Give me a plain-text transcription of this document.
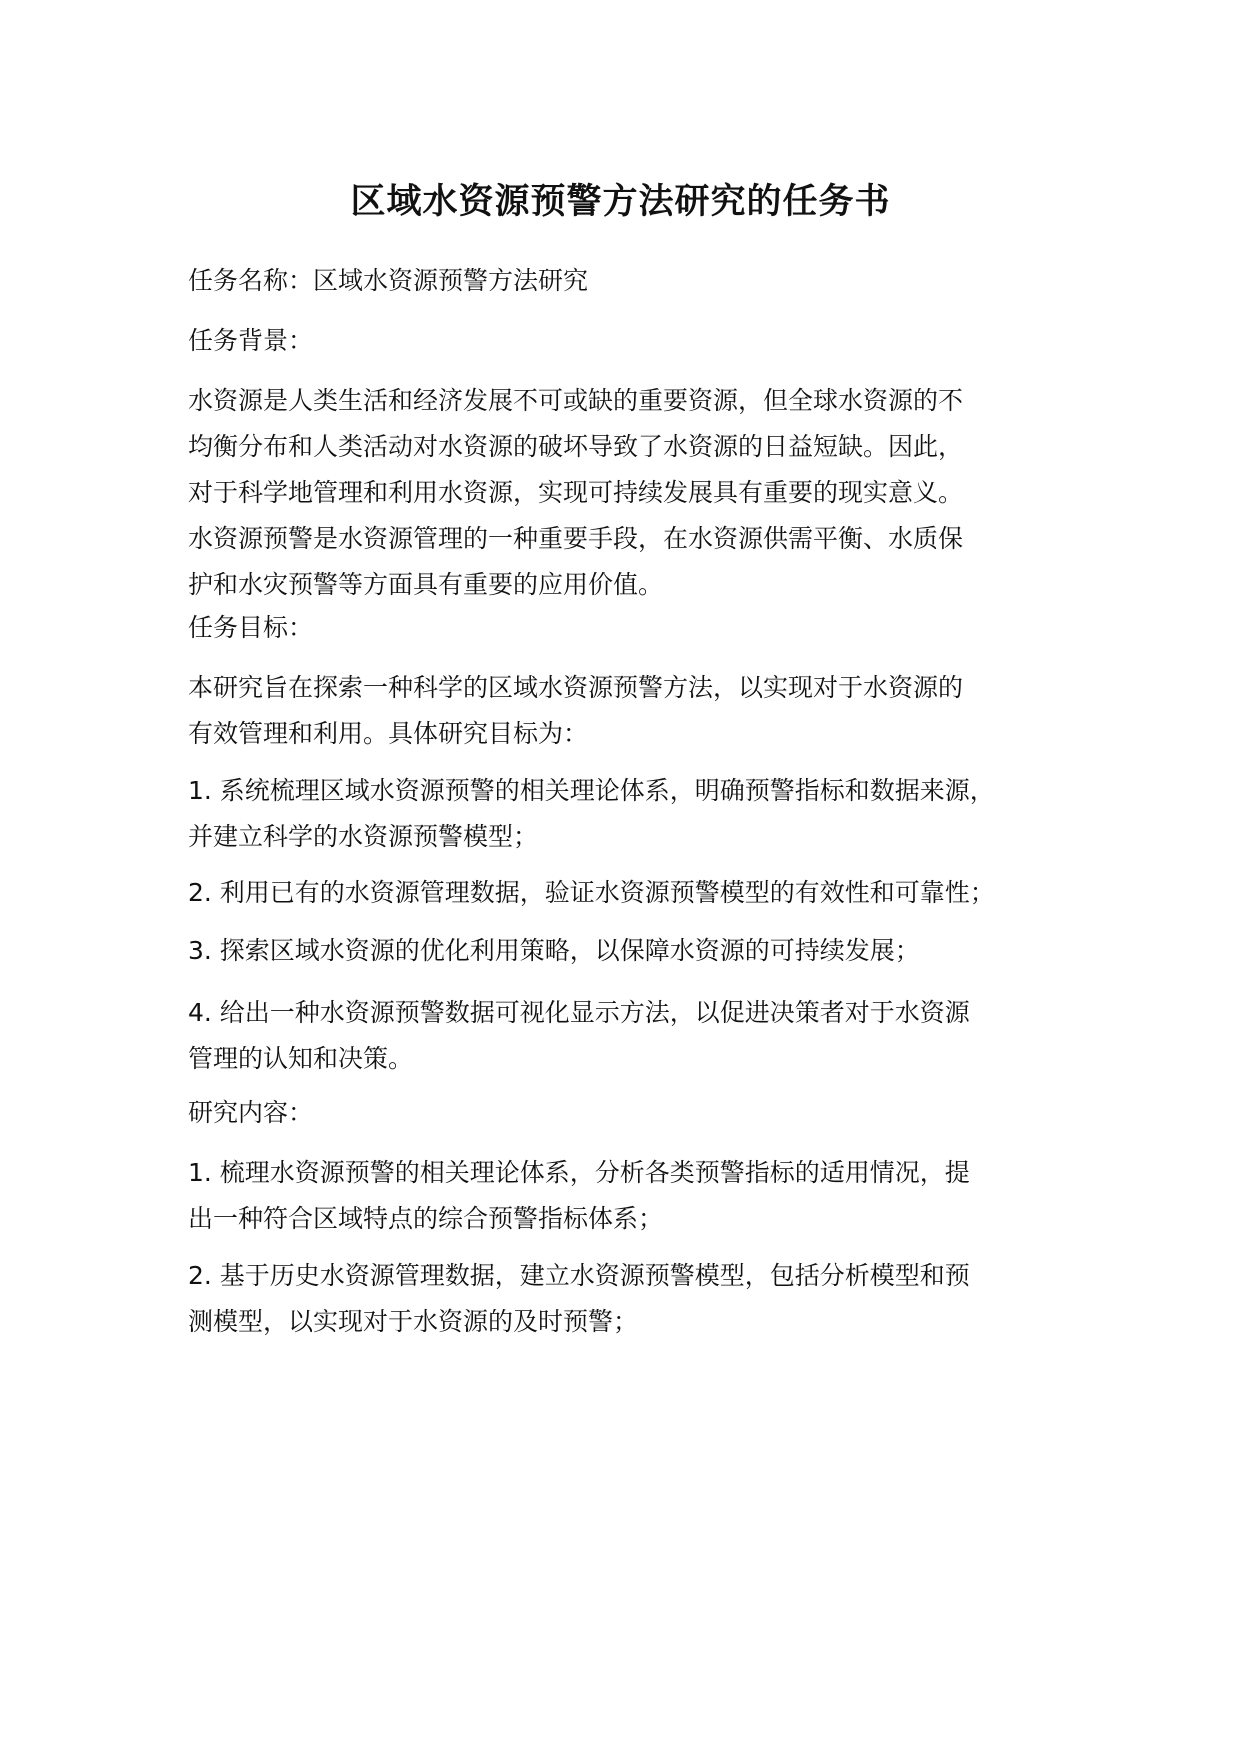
区域水资源预警方法研究的任务书

任务名称：区域水资源预警方法研究

任务背景：

水资源是人类生活和经济发展不可或缺的重要资源，但全球水资源的不
均衡分布和人类活动对水资源的破坏导致了水资源的日益短缺。因此，
对于科学地管理和利用水资源，实现可持续发展具有重要的现实意义。
水资源预警是水资源管理的一种重要手段，在水资源供需平衡、水质保
护和水灾预警等方面具有重要的应用价值。

任务目标：

本研究旨在探索一种科学的区域水资源预警方法，以实现对于水资源的
有效管理和利用。具体研究目标为：

1. 系统梳理区域水资源预警的相关理论体系，明确预警指标和数据来源，
并建立科学的水资源预警模型；

2. 利用已有的水资源管理数据，验证水资源预警模型的有效性和可靠性；

3. 探索区域水资源的优化利用策略，以保障水资源的可持续发展；

4. 给出一种水资源预警数据可视化显示方法，以促进决策者对于水资源
管理的认知和决策。

研究内容：

1. 梳理水资源预警的相关理论体系，分析各类预警指标的适用情况，提
出一种符合区域特点的综合预警指标体系；

2. 基于历史水资源管理数据，建立水资源预警模型，包括分析模型和预
测模型，以实现对于水资源的及时预警；
